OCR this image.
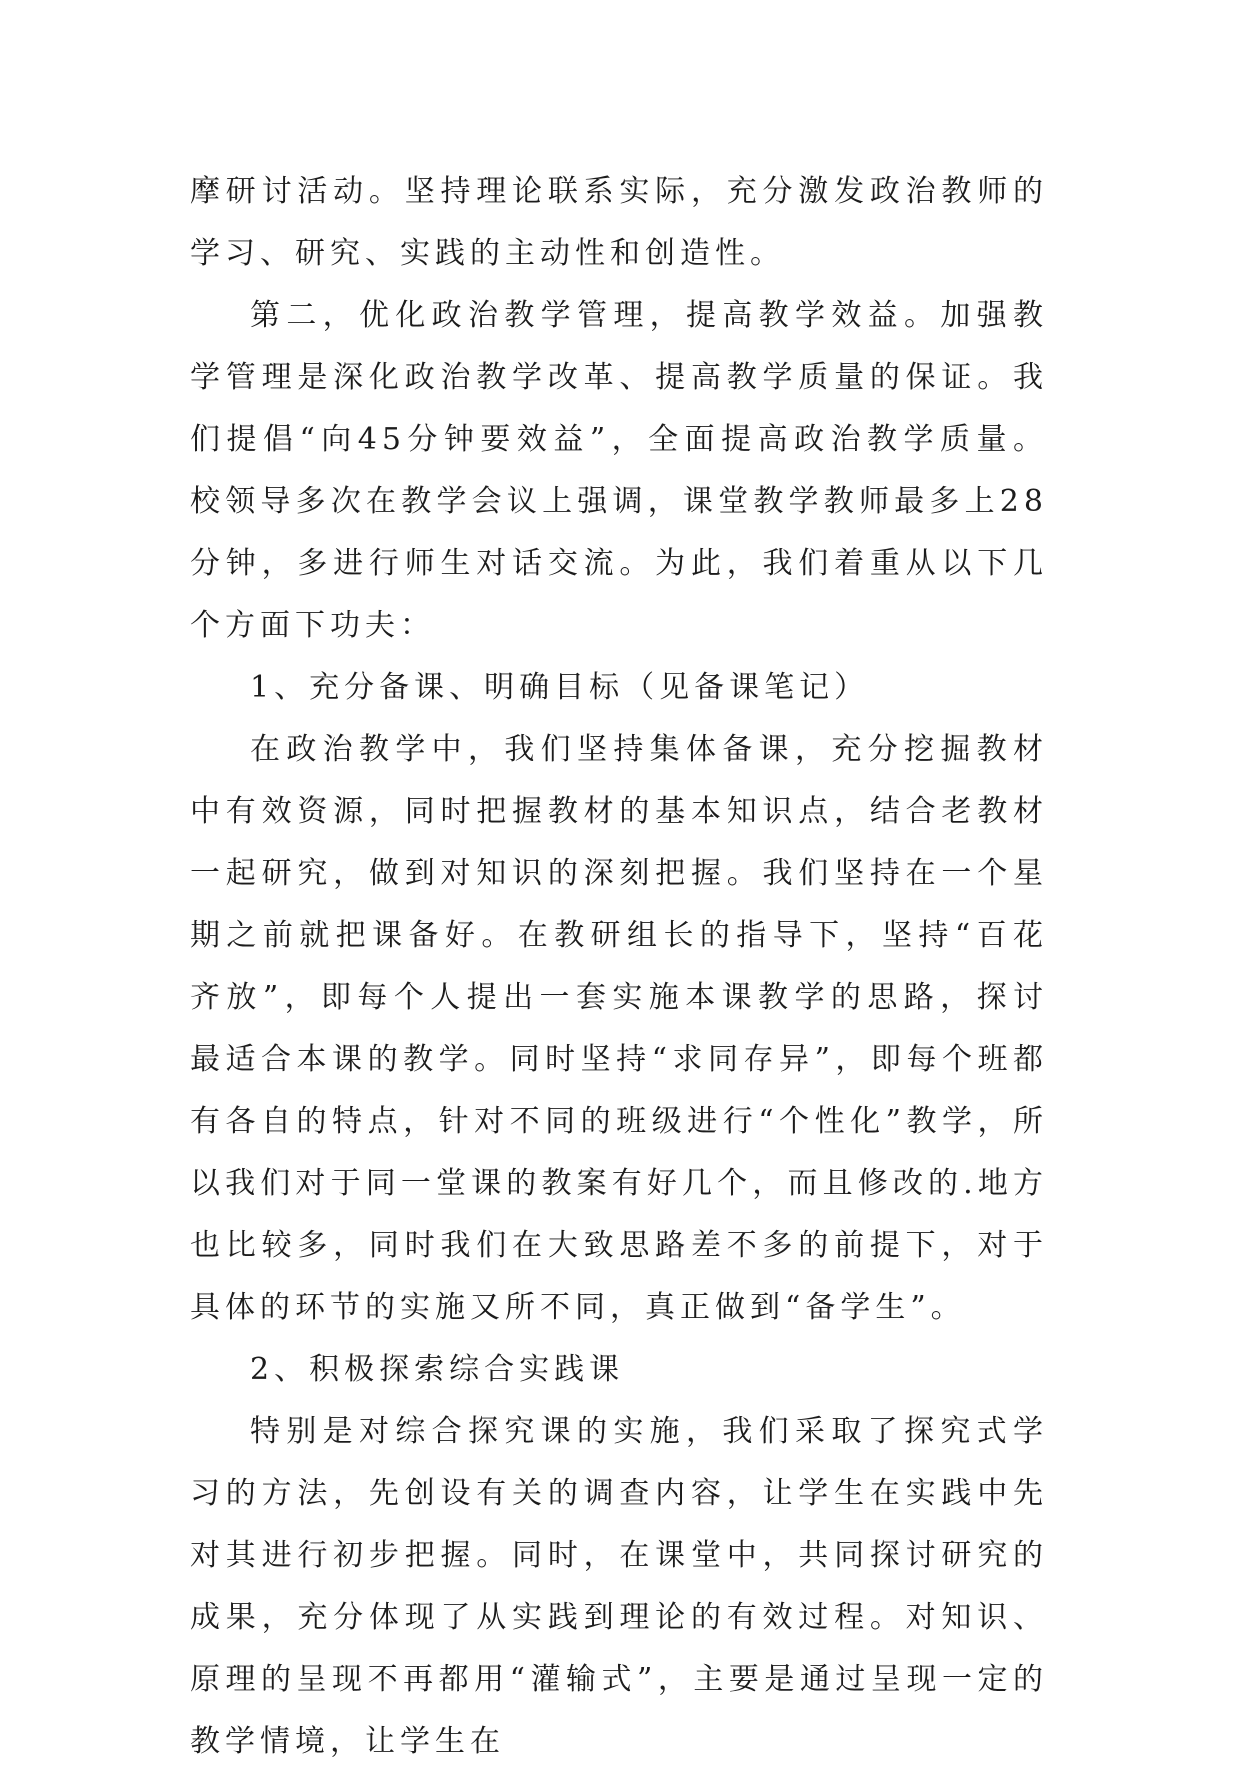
摩研讨活动。坚持理论联系实际，充分激发政治教师的学习、研究、实践的主动性和创造性。

第二，优化政治教学管理，提高教学效益。加强教学管理是深化政治教学改革、提高教学质量的保证。我们提倡“向45分钟要效益”，全面提高政治教学质量。校领导多次在教学会议上强调，课堂教学教师最多上28分钟，多进行师生对话交流。为此，我们着重从以下几个方面下功夫：

1、充分备课、明确目标（见备课笔记）

在政治教学中，我们坚持集体备课，充分挖掘教材中有效资源，同时把握教材的基本知识点，结合老教材一起研究，做到对知识的深刻把握。我们坚持在一个星期之前就把课备好。在教研组长的指导下，坚持“百花齐放”，即每个人提出一套实施本课教学的思路，探讨最适合本课的教学。同时坚持“求同存异”，即每个班都有各自的特点，针对不同的班级进行“个性化”教学，所以我们对于同一堂课的教案有好几个，而且修改的.地方也比较多，同时我们在大致思路差不多的前提下，对于具体的环节的实施又所不同，真正做到“备学生”。

2、积极探索综合实践课

特别是对综合探究课的实施，我们采取了探究式学习的方法，先创设有关的调查内容，让学生在实践中先对其进行初步把握。同时，在课堂中，共同探讨研究的成果，充分体现了从实践到理论的有效过程。对知识、原理的呈现不再都用“灌输式”，主要是通过呈现一定的教学情境，让学生在
